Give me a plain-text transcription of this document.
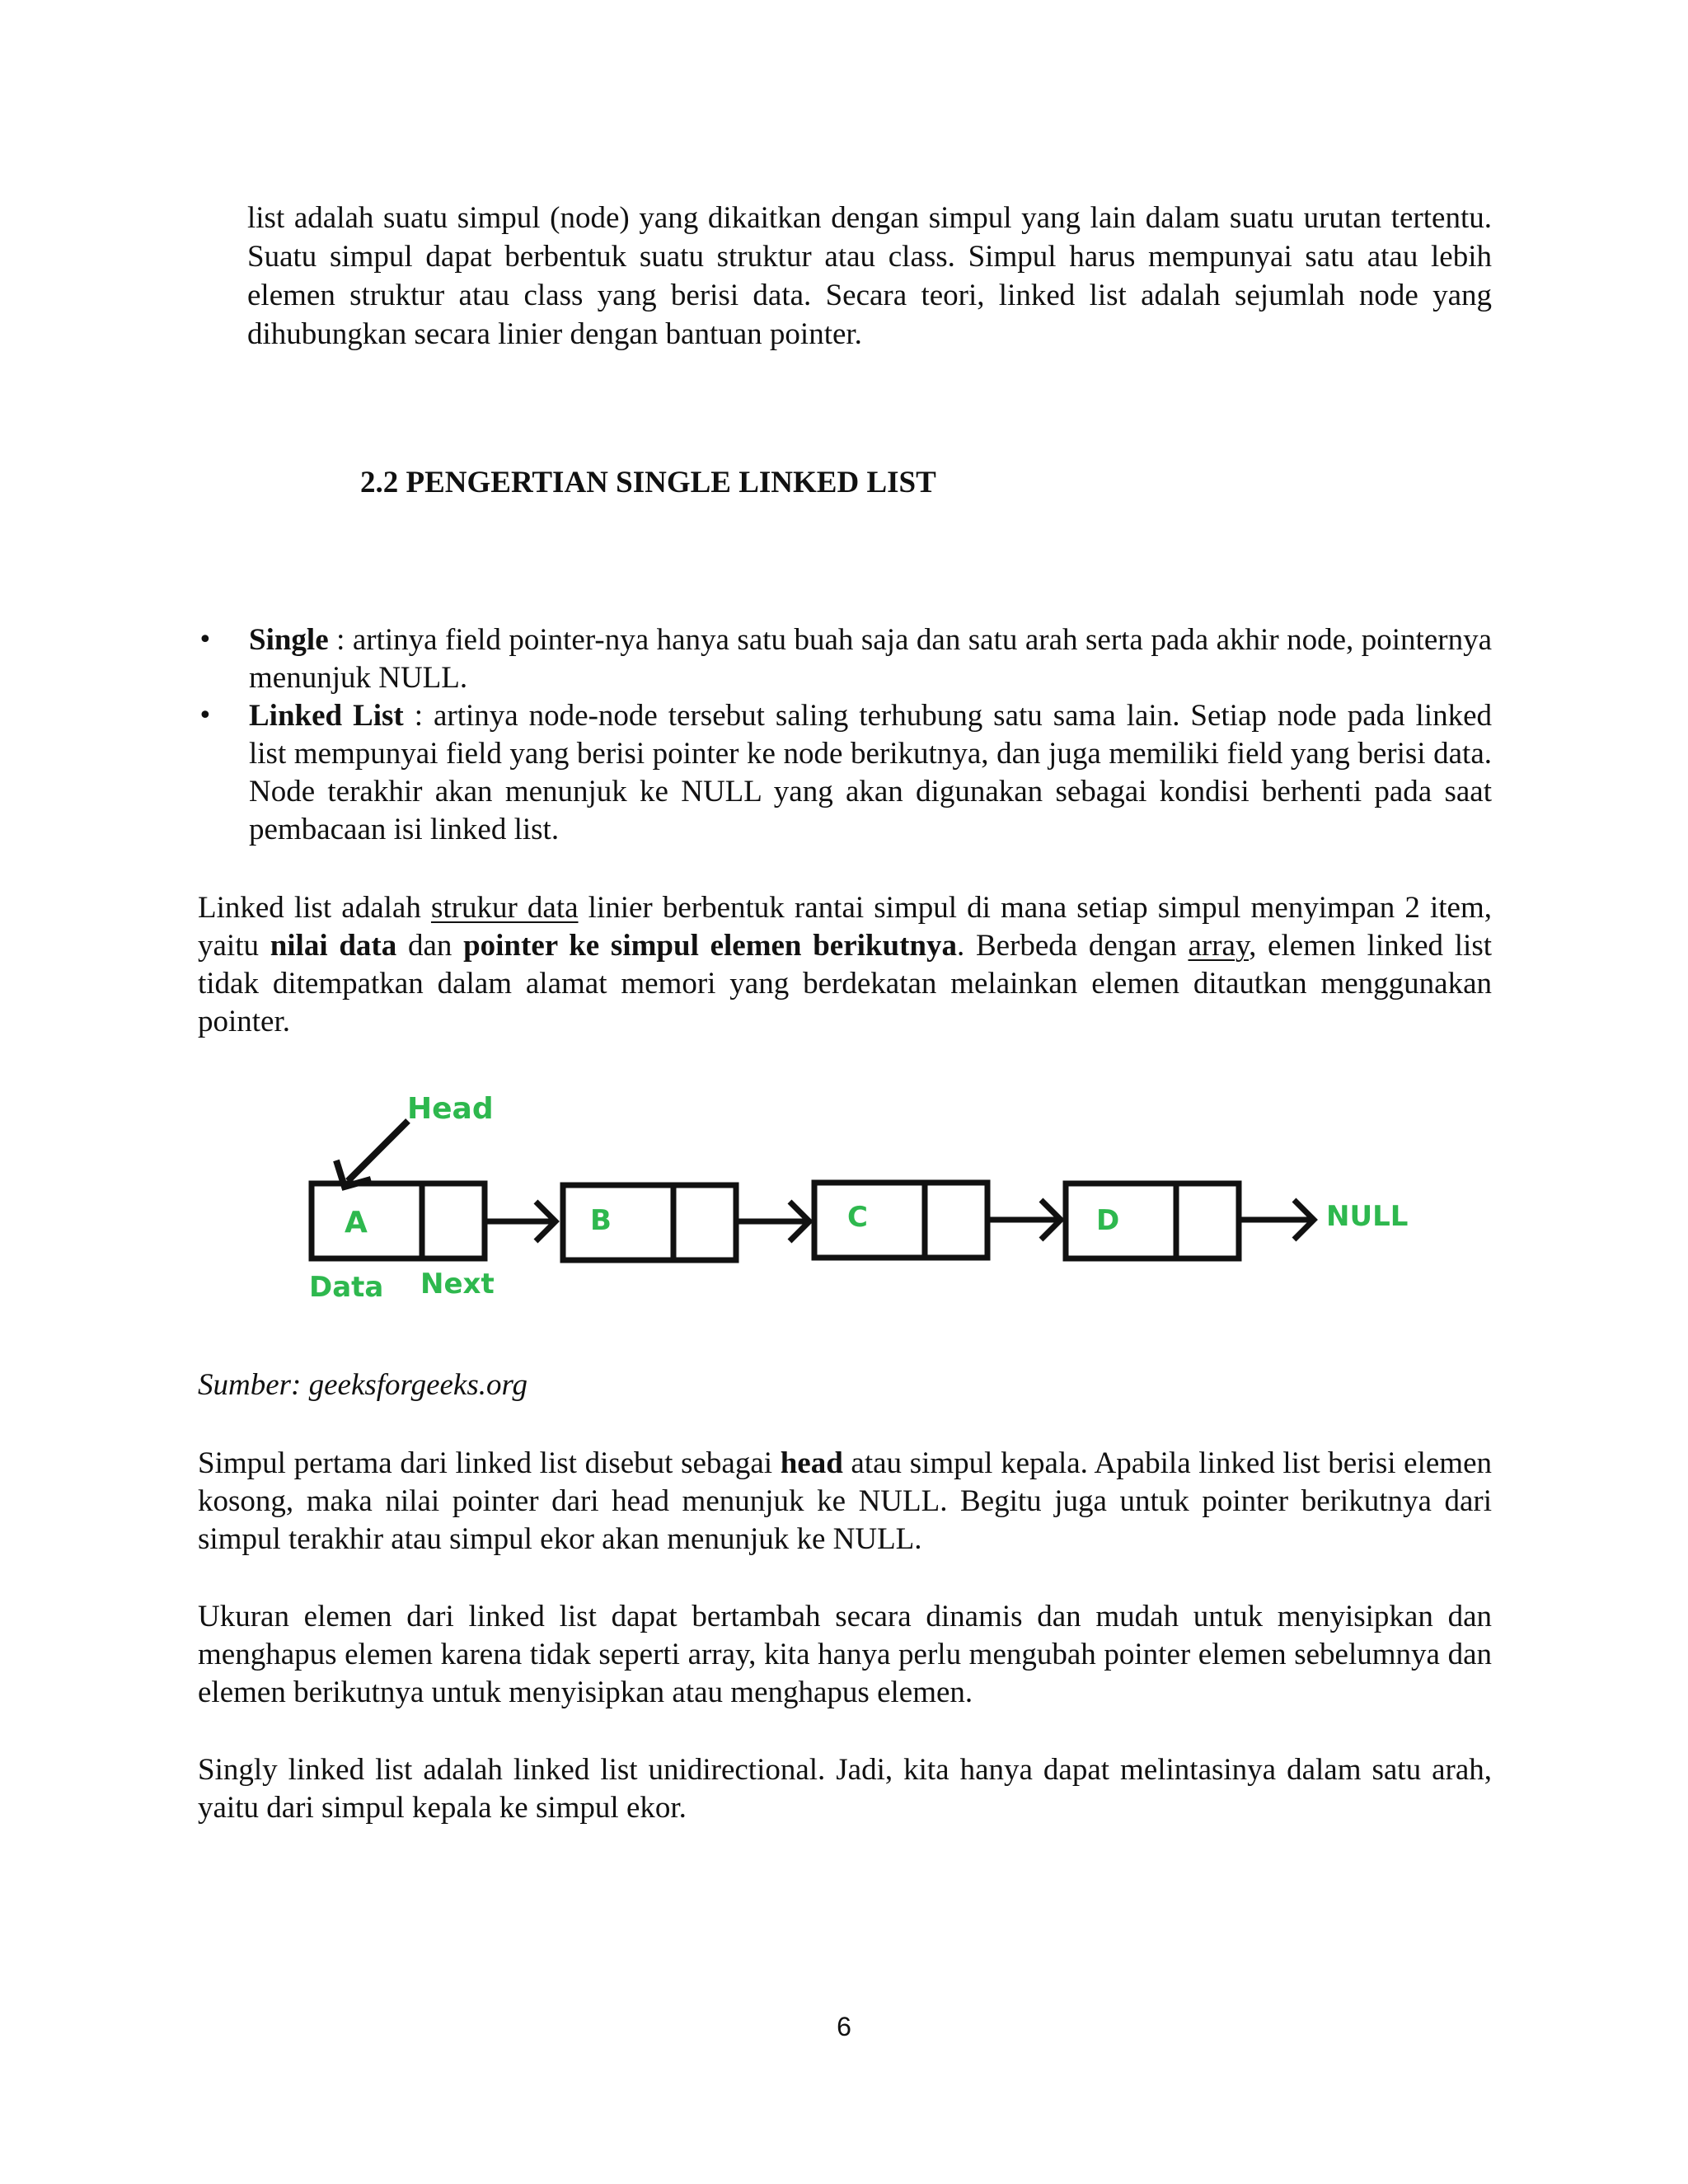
list adalah suatu simpul (node) yang dikaitkan dengan simpul yang lain dalam suatu urutan tertentu. Suatu simpul dapat berbentuk suatu struktur atau class. Simpul harus mempunyai satu atau lebih elemen struktur atau class yang berisi data. Secara teori, linked list adalah sejumlah node yang dihubungkan secara linier dengan bantuan pointer.

2.2 PENGERTIAN SINGLE LINKED LIST
• Single : artinya field pointer-nya hanya satu buah saja dan satu arah serta pada akhir node, pointernya menunjuk NULL.
• Linked List : artinya node-node tersebut saling terhubung satu sama lain. Setiap node pada linked list mempunyai field yang berisi pointer ke node berikutnya, dan juga memiliki field yang berisi data. Node terakhir akan menunjuk ke NULL yang akan digunakan sebagai kondisi berhenti pada saat pembacaan isi linked list.

Linked list adalah strukur data linier berbentuk rantai simpul di mana setiap simpul menyimpan 2 item, yaitu nilai data dan pointer ke simpul elemen berikutnya. Berbeda dengan array, elemen linked list tidak ditempatkan dalam alamat memori yang berdekatan melainkan elemen ditautkan menggunakan pointer.

Head
A
Data Next
B	C	D	NULL

Sumber: geeksforgeeks.org

Simpul pertama dari linked list disebut sebagai head atau simpul kepala. Apabila linked list berisi elemen kosong, maka nilai pointer dari head menunjuk ke NULL. Begitu juga untuk pointer berikutnya dari simpul terakhir atau simpul ekor akan menunjuk ke NULL.

Ukuran elemen dari linked list dapat bertambah secara dinamis dan mudah untuk menyisipkan dan menghapus elemen karena tidak seperti array, kita hanya perlu mengubah pointer elemen sebelumnya dan elemen berikutnya untuk menyisipkan atau menghapus elemen.

Singly linked list adalah linked list unidirectional. Jadi, kita hanya dapat melintasinya dalam satu arah, yaitu dari simpul kepala ke simpul ekor.

6
